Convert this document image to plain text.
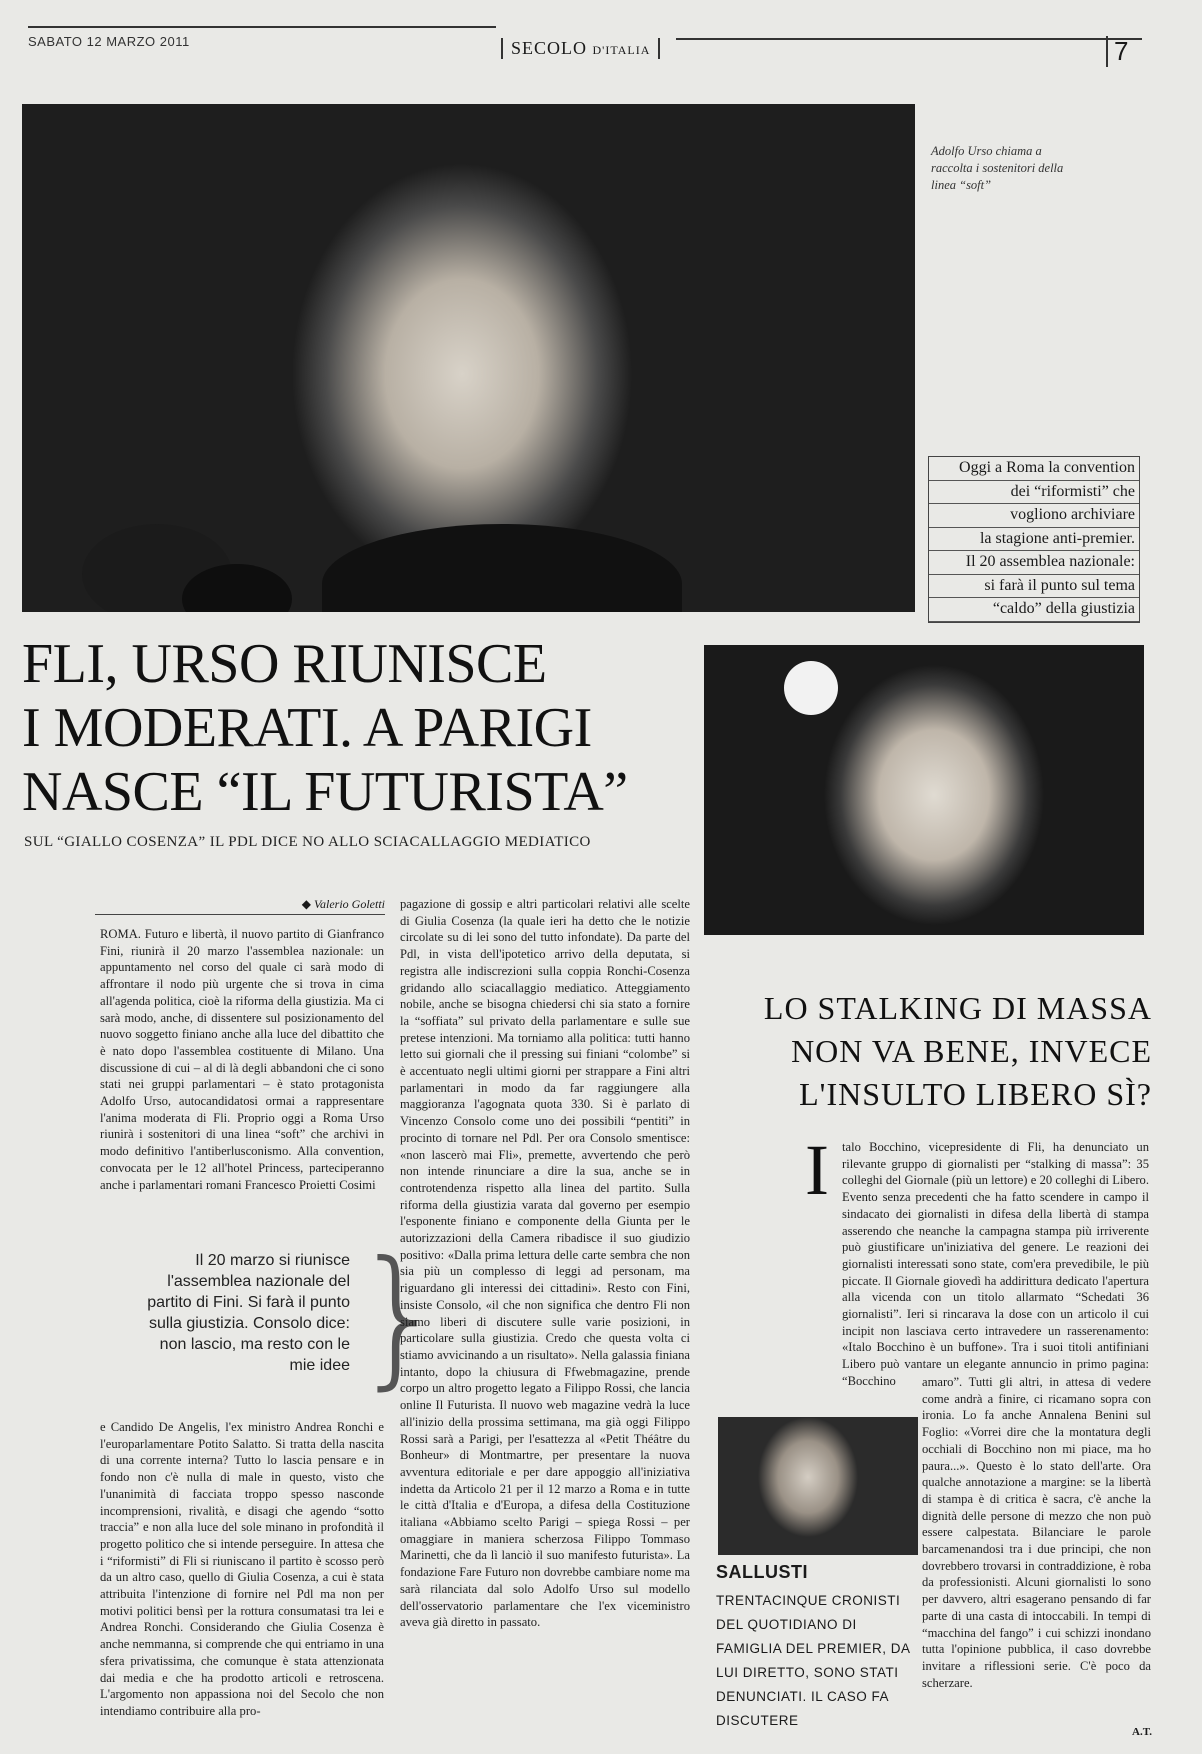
SABATO 12 MARZO 2011	SECOLO D'ITALIA	7
Adolfo Urso chiama a raccolta i sostenitori della linea “soft”
Oggi a Roma la convention
dei “riformisti” che
vogliono archiviare
la stagione anti-premier.
Il 20 assemblea nazionale:
si farà il punto sul tema
“caldo” della giustizia
FLI, URSO RIUNISCE
I MODERATI. A PARIGI
NASCE “IL FUTURISTA”
SUL “GIALLO COSENZA” IL PDL DICE NO ALLO SCIACALLAGGIO MEDIATICO
◆ Valerio Goletti
ROMA. Futuro e libertà, il nuovo partito di Gianfranco Fini, riunirà il 20 marzo l'assemblea nazionale: un appuntamento nel corso del quale ci sarà modo di affrontare il nodo più urgente che si trova in cima all'agenda politica, cioè la riforma della giustizia. Ma ci sarà modo, anche, di dissentere sul posizionamento del nuovo soggetto finiano anche alla luce del dibattito che è nato dopo l'assemblea costituente di Milano. Una discussione di cui – al di là degli abbandoni che ci sono stati nei gruppi parlamentari – è stato protagonista Adolfo Urso, autocandidatosi ormai a rappresentare l'anima moderata di Fli. Proprio oggi a Roma Urso riunirà i sostenitori di una linea “soft” che archivi in modo definitivo l'antiberlusconismo. Alla convention, convocata per le 12 all'hotel Princess, parteciperanno anche i parlamentari romani Francesco Proietti Cosimi
Il 20 marzo si riunisce l'assemblea nazionale del partito di Fini. Si farà il punto sulla giustizia. Consolo dice: non lascio, ma resto con le mie idee }
e Candido De Angelis, l'ex ministro Andrea Ronchi e l'europarlamentare Potito Salatto. Si tratta della nascita di una corrente interna? Tutto lo lascia pensare e in fondo non c'è nulla di male in questo, visto che l'unanimità di facciata troppo spesso nasconde incomprensioni, rivalità, e disagi che agendo “sotto traccia” e non alla luce del sole minano in profondità il progetto politico che si intende perseguire. In attesa che i “riformisti” di Fli si riuniscano il partito è scosso però da un altro caso, quello di Giulia Cosenza, a cui è stata attribuita l'intenzione di fornire nel Pdl ma non per motivi politici bensì per la rottura consumatasi tra lei e Andrea Ronchi. Considerando che Giulia Cosenza è anche nemmanna, si comprende che qui entriamo in una sfera privatissima, che comunque è stata attenzionata dai media e che ha prodotto articoli e retroscena. L'argomento non appassiona noi del Secolo che non intendiamo contribuire alla pro-
pagazione di gossip e altri particolari relativi alle scelte di Giulia Cosenza (la quale ieri ha detto che le notizie circolate su di lei sono del tutto infondate). Da parte del Pdl, in vista dell'ipotetico arrivo della deputata, si registra alle indiscrezioni sulla coppia Ronchi-Cosenza gridando allo sciacallaggio mediatico. Atteggiamento nobile, anche se bisogna chiedersi chi sia stato a fornire la “soffiata” sul privato della parlamentare e sulle sue pretese intenzioni. Ma torniamo alla politica: tutti hanno letto sui giornali che il pressing sui finiani “colombe” si è accentuato negli ultimi giorni per strappare a Fini altri parlamentari in modo da far raggiungere alla maggioranza l'agognata quota 330. Si è parlato di Vincenzo Consolo come uno dei possibili “pentiti” in procinto di tornare nel Pdl. Per ora Consolo smentisce: «non lascerò mai Fli», premette, avvertendo che però non intende rinunciare a dire la sua, anche se in controtendenza rispetto alla linea del partito. Sulla riforma della giustizia varata dal governo per esempio l'esponente finiano e componente della Giunta per le autorizzazioni della Camera ribadisce il suo giudizio positivo: «Dalla prima lettura delle carte sembra che non sia più un complesso di leggi ad personam, ma riguardano gli interessi dei cittadini». Resto con Fini, insiste Consolo, «il che non significa che dentro Fli non siamo liberi di discutere sulle varie posizioni, in particolare sulla giustizia. Credo che questa volta ci stiamo avvicinando a un risultato». Nella galassia finiana intanto, dopo la chiusura di Ffwebmagazine, prende corpo un altro progetto legato a Filippo Rossi, che lancia online Il Futurista. Il nuovo web magazine vedrà la luce all'inizio della prossima settimana, ma già oggi Filippo Rossi sarà a Parigi, per l'esattezza al «Petit Théâtre du Bonheur» di Montmartre, per presentare la nuova avventura editoriale e per dare appoggio all'iniziativa indetta da Articolo 21 per il 12 marzo a Roma e in tutte le città d'Italia e d'Europa, a difesa della Costituzione italiana «Abbiamo scelto Parigi – spiega Rossi – per omaggiare in maniera scherzosa Filippo Tommaso Marinetti, che da lì lanciò il suo manifesto futurista». La fondazione Fare Futuro non dovrebbe cambiare nome ma sarà rilanciata dal solo Adolfo Urso sul modello dell'osservatorio parlamentare che l'ex viceministro aveva già diretto in passato.
LO STALKING DI MASSA
NON VA BENE, INVECE
L'INSULTO LIBERO SÌ?
I talo Bocchino, vicepresidente di Fli, ha denunciato un rilevante gruppo di giornalisti per “stalking di massa”: 35 colleghi del Giornale (più un lettore) e 20 colleghi di Libero. Evento senza precedenti che ha fatto scendere in campo il sindacato dei giornalisti in difesa della libertà di stampa asserendo che neanche la campagna stampa più irriverente può giustificare un'iniziativa del genere. Le reazioni dei giornalisti interessati sono state, com'era prevedibile, le più piccate. Il Giornale giovedì ha addirittura dedicato l'apertura alla vicenda con un titolo allarmato “Schedati 36 giornalisti”. Ieri si rincarava la dose con un articolo il cui incipit non lasciava certo intravedere un rasserenamento: «Italo Bocchino è un buffone». Tra i suoi titoli antifiniani Libero può vantare un elegante annuncio in primo pagina: “Bocchino	amaro”. Tutti gli altri, in attesa di vedere come andrà a finire, ci ricamano sopra con ironia. Lo fa anche Annalena Benini sul Foglio: «Vorrei dire che la montatura degli occhiali di Bocchino non mi piace, ma ho paura...». Questo è lo stato dell'arte. Ora qualche annotazione a margine: se la libertà di stampa è di critica è sacra, c'è anche la dignità delle persone di mezzo che non può essere calpestata. Bilanciare le parole barcamenandosi tra i due principi, che non dovrebbero trovarsi in contraddizione, è roba da professionisti. Alcuni giornalisti lo sono per davvero, altri esagerano pensando di far parte di una casta di intoccabili. In tempi di “macchina del fango” i cui schizzi inondano tutta l'opinione pubblica, il caso dovrebbe invitare a riflessioni serie. C'è poco da scherzare.
SALLUSTI
TRENTACINQUE CRONISTI DEL QUOTIDIANO DI FAMIGLIA DEL PREMIER, DA LUI DIRETTO, SONO STATI DENUNCIATI. IL CASO FA DISCUTERE
A.T.
